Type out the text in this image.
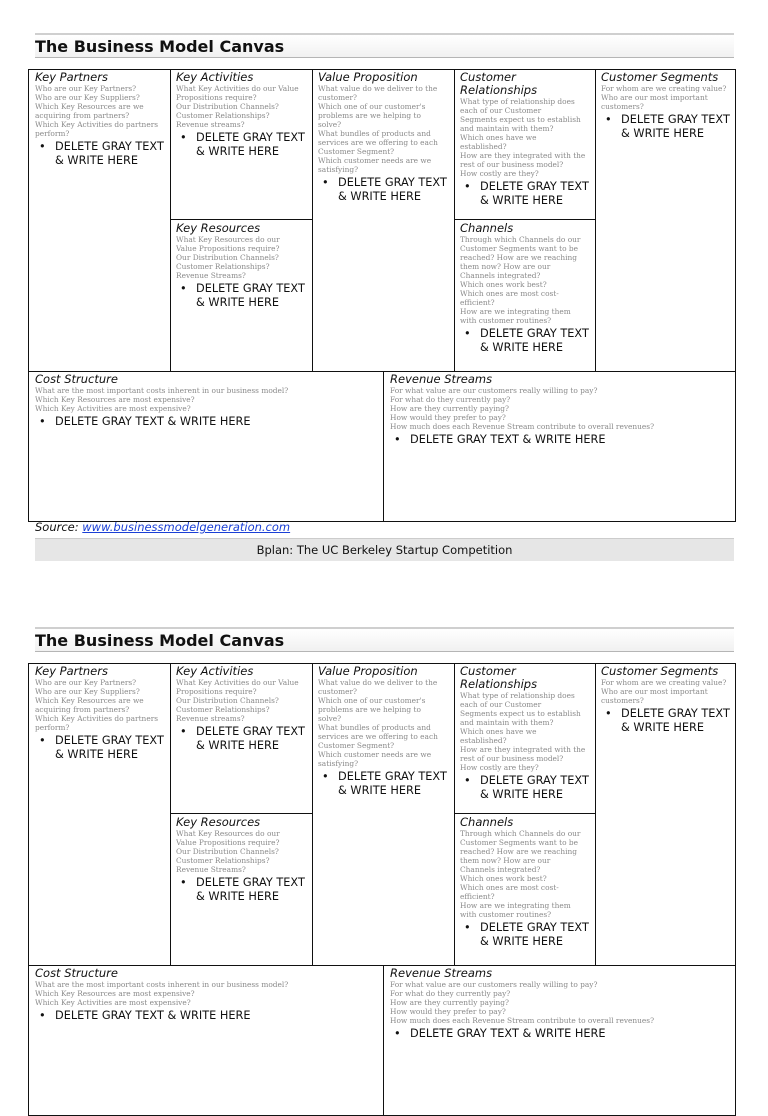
The Business Model Canvas

Key Partners

Who are our Key Partners?
Who are our Key Suppliers?
Which Key Resources are we
acquiring from partners?
Which Key Activities do partners
perform?

• DELETE GRAY TEXT
& WRITE HERE

Key Activities

What Key Activities do our Value
Propositions require?
Our Distribution Channels?
Customer Relationships?
Revenue streams?

• DELETE GRAY TEXT
& WRITE HERE

Key Resources

What Key Resources do our
Value Propositions require?
Our Distribution Channels?
Customer Relationships?
Revenue Streams?

• DELETE GRAY TEXT
& WRITE HERE

Value Proposition

What value do we deliver to the
customer?
Which one of our customer's
problems are we helping to
solve?
What bundles of products and
services are we offering to each
Customer Segment?
Which customer needs are we
satisfying?

• DELETE GRAY TEXT
& WRITE HERE

Customer
Relationships

What type of relationship does
each of our Customer
Segments expect us to establish
and maintain with them?
Which ones have we
established?
How are they integrated with the
rest of our business model?
How costly are they?

• DELETE GRAY TEXT
& WRITE HERE

Channels

Through which Channels do our
Customer Segments want to be
reached? How are we reaching
them now? How are our
Channels integrated?
Which ones work best?
Which ones are most cost-
efficient?
How are we integrating them
with customer routines?

• DELETE GRAY TEXT
& WRITE HERE

Customer Segments

For whom are we creating value?
Who are our most important
customers?

• DELETE GRAY TEXT
& WRITE HERE

Cost Structure

What are the most important costs inherent in our business model?
Which Key Resources are most expensive?
Which Key Activities are most expensive?

• DELETE GRAY TEXT & WRITE HERE

Revenue Streams

For what value are our customers really willing to pay?
For what do they currently pay?
How are they currently paying?
How would they prefer to pay?
How much does each Revenue Stream contribute to overall revenues?

• DELETE GRAY TEXT & WRITE HERE
Source: www.businessmodelgeneration.com
Bplan: The UC Berkeley Startup Competition
The Business Model Canvas

Key Partners

Who are our Key Partners?
Who are our Key Suppliers?
Which Key Resources are we
acquiring from partners?
Which Key Activities do partners
perform?

• DELETE GRAY TEXT
& WRITE HERE

Key Activities

What Key Activities do our Value
Propositions require?
Our Distribution Channels?
Customer Relationships?
Revenue streams?

• DELETE GRAY TEXT
& WRITE HERE

Key Resources

What Key Resources do our
Value Propositions require?
Our Distribution Channels?
Customer Relationships?
Revenue Streams?

• DELETE GRAY TEXT
& WRITE HERE

Value Proposition

What value do we deliver to the
customer?
Which one of our customer's
problems are we helping to
solve?
What bundles of products and
services are we offering to each
Customer Segment?
Which customer needs are we
satisfying?

• DELETE GRAY TEXT
& WRITE HERE

Customer
Relationships

What type of relationship does
each of our Customer
Segments expect us to establish
and maintain with them?
Which ones have we
established?
How are they integrated with the
rest of our business model?
How costly are they?

• DELETE GRAY TEXT
& WRITE HERE

Channels

Through which Channels do our
Customer Segments want to be
reached? How are we reaching
them now? How are our
Channels integrated?
Which ones work best?
Which ones are most cost-
efficient?
How are we integrating them
with customer routines?

• DELETE GRAY TEXT
& WRITE HERE

Customer Segments

For whom are we creating value?
Who are our most important
customers?

• DELETE GRAY TEXT
& WRITE HERE

Cost Structure

What are the most important costs inherent in our business model?
Which Key Resources are most expensive?
Which Key Activities are most expensive?

• DELETE GRAY TEXT & WRITE HERE

Revenue Streams

For what value are our customers really willing to pay?
For what do they currently pay?
How are they currently paying?
How would they prefer to pay?
How much does each Revenue Stream contribute to overall revenues?

• DELETE GRAY TEXT & WRITE HERE
